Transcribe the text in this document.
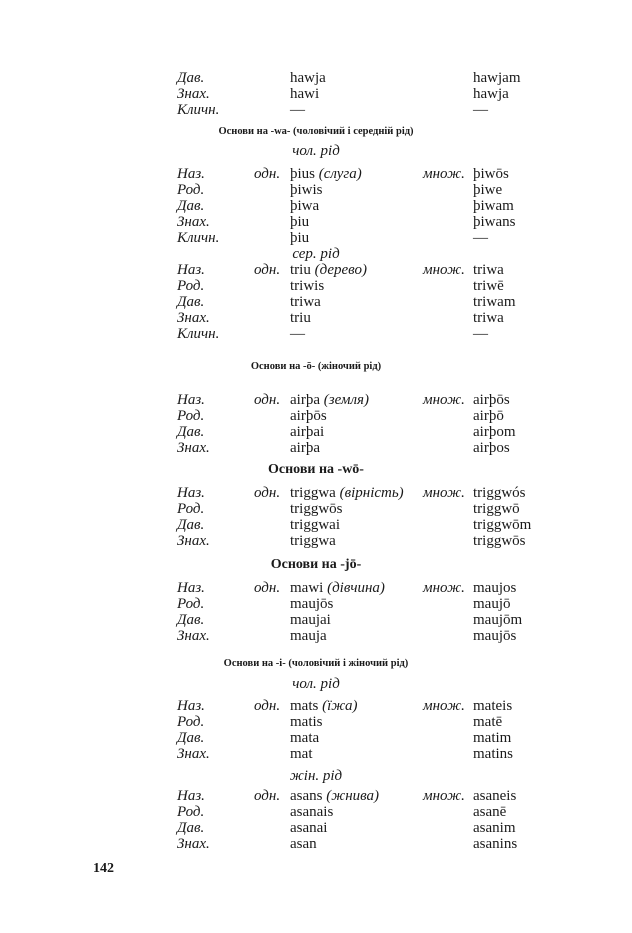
142
Дав.	hawja	hawjam
Знах.	hawi	hawja
Кличн.	—	—
Основи на -wa- (чоловічий і середній рід)
чол. рід
Наз.	одн. þius (слуга)	множ. þiwōs
Род.	þiwis	þiwe
Дав.	þiwa	þiwam
Знах.	þiu	þiwans
Кличн.	þiu	—
сер. рід
Наз.	одн. triu (дерево)	множ. triwa
Род.	triwis	triwē
Дав.	triwa	triwam
Знах.	triu	triwa
Кличн.	—	—
Основи на -ō- (жіночий рід)
Наз.	одн. airþa (земля)	множ. airþōs
Род.	airþōs	airþō
Дав.	airþai	airþom
Знах.	airþa	airþos
Основи на -wō-
Наз.	одн. triggwa (вірність) множ. triggwós
Род.	triggwōs	triggwō
Дав.	triggwai	triggwōm
Знах.	triggwa	triggwōs
Основи на -jō-
Наз.	одн. mawi (дівчина)	множ. maujos
Род.	maujōs	maujō
Дав.	maujai	maujōm
Знах.	mauja	maujōs
Основи на -і- (чоловічий і жіночий рід)
чол. рід
Наз.	одн. mats (їжа)	множ. mateis
Род.	matis	matē
Дав.	mata	matim
Знах.	mat	matins
жін. рід
Наз.	одн. asans (жнива)	множ. asaneis
Род.	asanais	asanē
Дав.	asanai	asanim
Знах.	asan	asanins
